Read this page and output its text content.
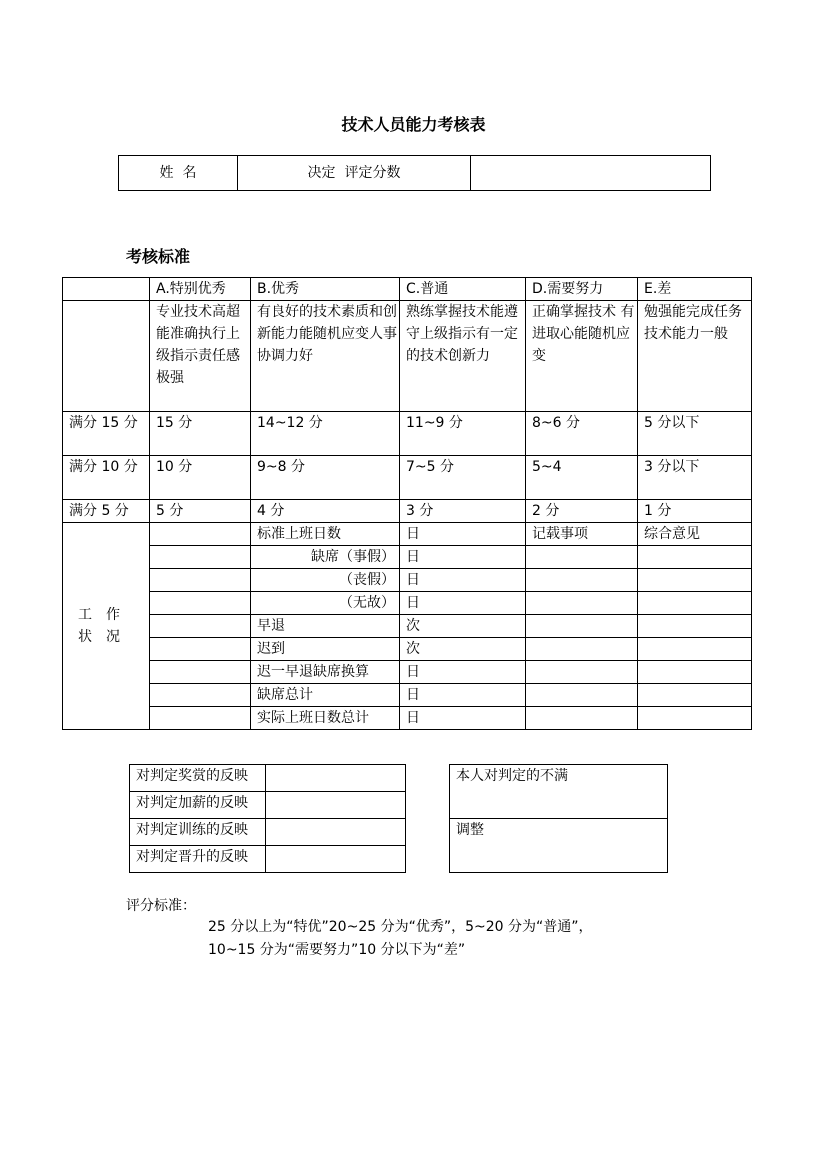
技术人员能力考核表
姓  名	决定  评定分数	
考核标准
	A.特别优秀	B.优秀	C.普通	D.需要努力	E.差
	专业技术高超　能准确执行上级指示责任感极强	有良好的技术素质和创新能力能随机应变人事协调力好	熟练掌握技术能遵守上级指示有一定的技术创新力	正确掌握技术 有进取心能随机应变	勉强能完成任务　技术能力一般
满分 15 分	15 分	14~12 分	11~9 分	8~6 分	5 分以下
满分 10 分	10 分	9~8 分	7~5 分	5~4	3 分以下
满分 5 分	5 分	4 分	3 分	2 分	1 分
工作
状况		标准上班日数	日	记载事项	综合意见
		缺席（事假）	日		
		（丧假）	日		
		（无故）	日		
		早退	次		
		迟到	次		
		迟一早退缺席换算	日		
		缺席总计	日		
		实际上班日数总计	日		
对判定奖赏的反映	
对判定加薪的反映	
对判定训练的反映	
对判定晋升的反映	
本人对判定的不满
调整
评分标准：
25 分以上为“特优”20~25 分为“优秀”，5~20 分为“普通”，
10~15 分为“需要努力”10 分以下为“差”
